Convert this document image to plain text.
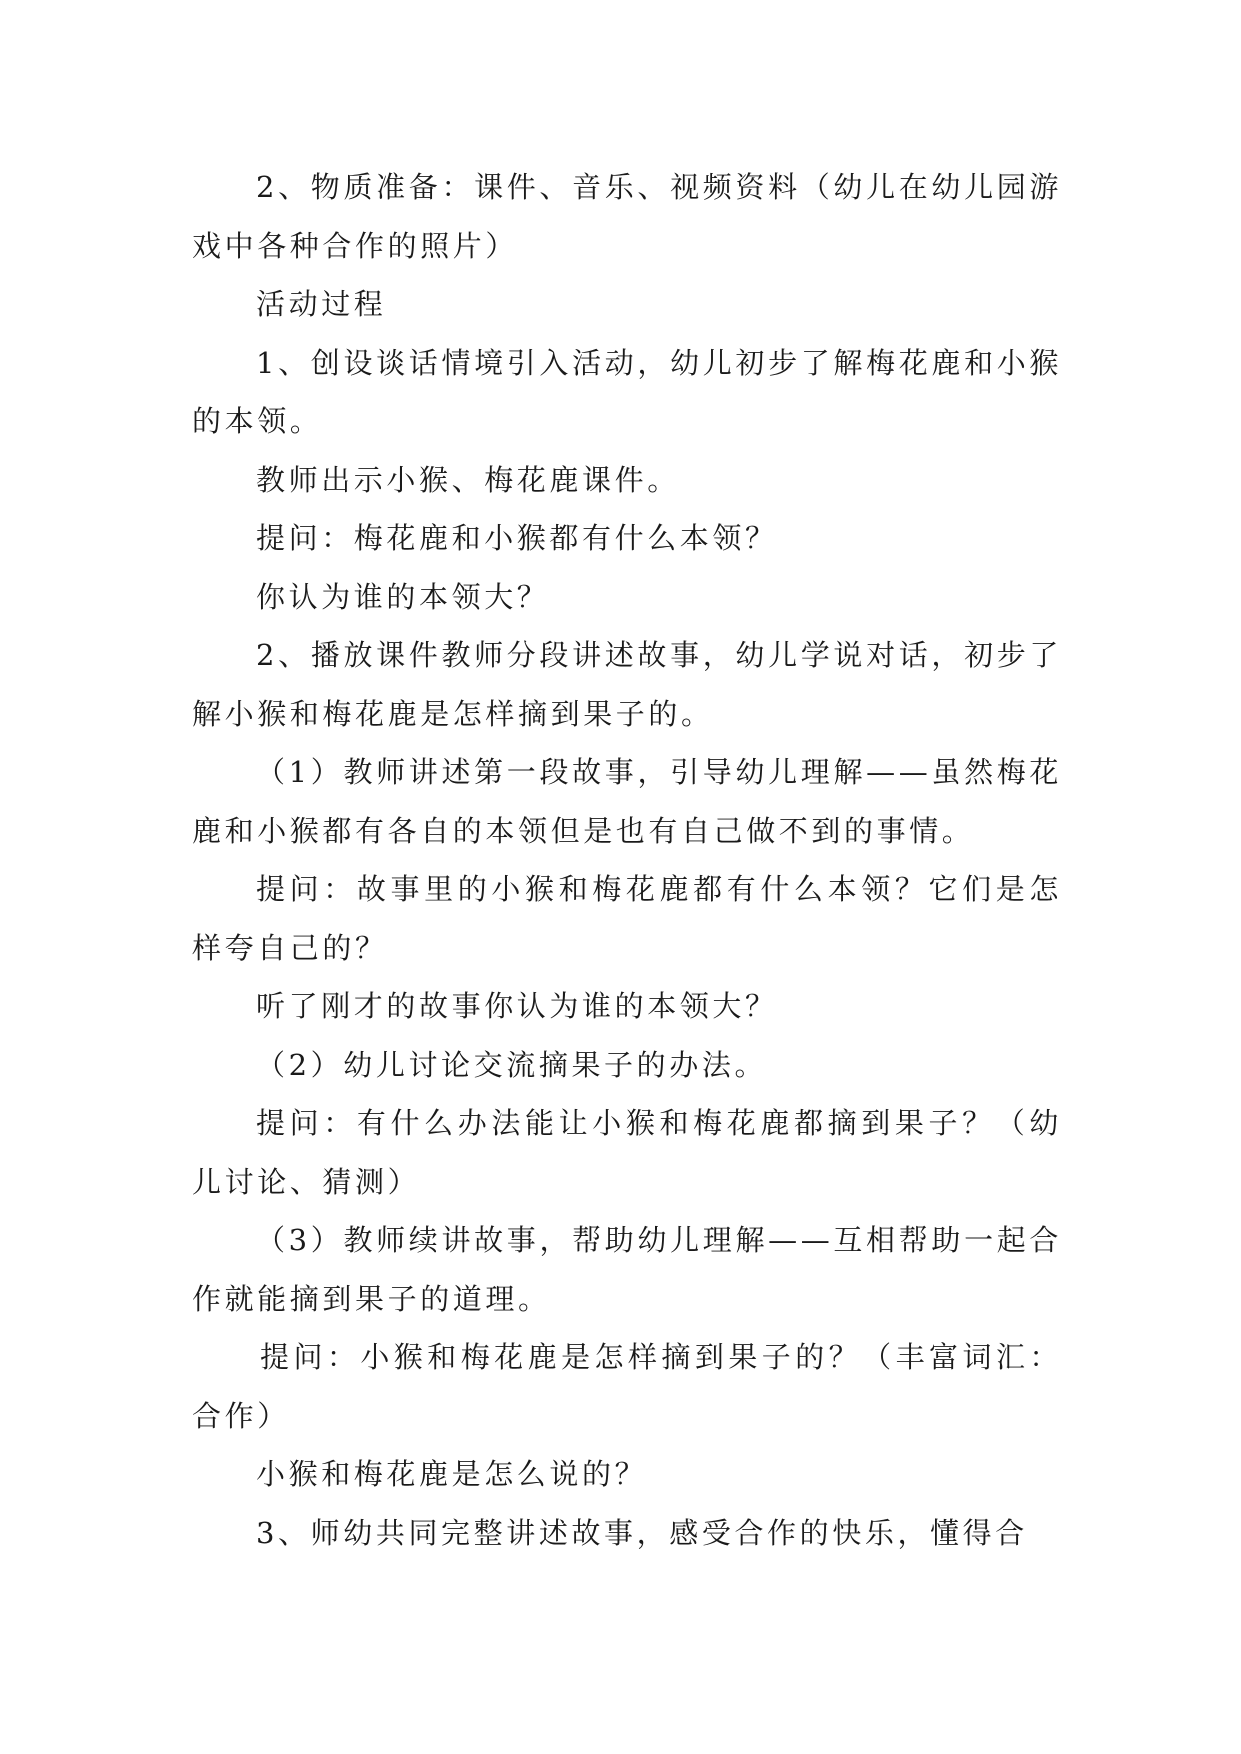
2、物质准备：课件、音乐、视频资料（幼儿在幼儿园游戏中各种合作的照片）

活动过程

1、创设谈话情境引入活动，幼儿初步了解梅花鹿和小猴的本领。

教师出示小猴、梅花鹿课件。

提问：梅花鹿和小猴都有什么本领？

你认为谁的本领大？

2、播放课件教师分段讲述故事，幼儿学说对话，初步了解小猴和梅花鹿是怎样摘到果子的。

（1）教师讲述第一段故事，引导幼儿理解——虽然梅花鹿和小猴都有各自的本领但是也有自己做不到的事情。

提问：故事里的小猴和梅花鹿都有什么本领？它们是怎样夸自己的？

听了刚才的故事你认为谁的本领大？

（2）幼儿讨论交流摘果子的办法。

提问：有什么办法能让小猴和梅花鹿都摘到果子？（幼儿讨论、猜测）

（3）教师续讲故事，帮助幼儿理解——互相帮助一起合作就能摘到果子的道理。

提问：小猴和梅花鹿是怎样摘到果子的？（丰富词汇：合作）

小猴和梅花鹿是怎么说的？

3、师幼共同完整讲述故事，感受合作的快乐，懂得合
